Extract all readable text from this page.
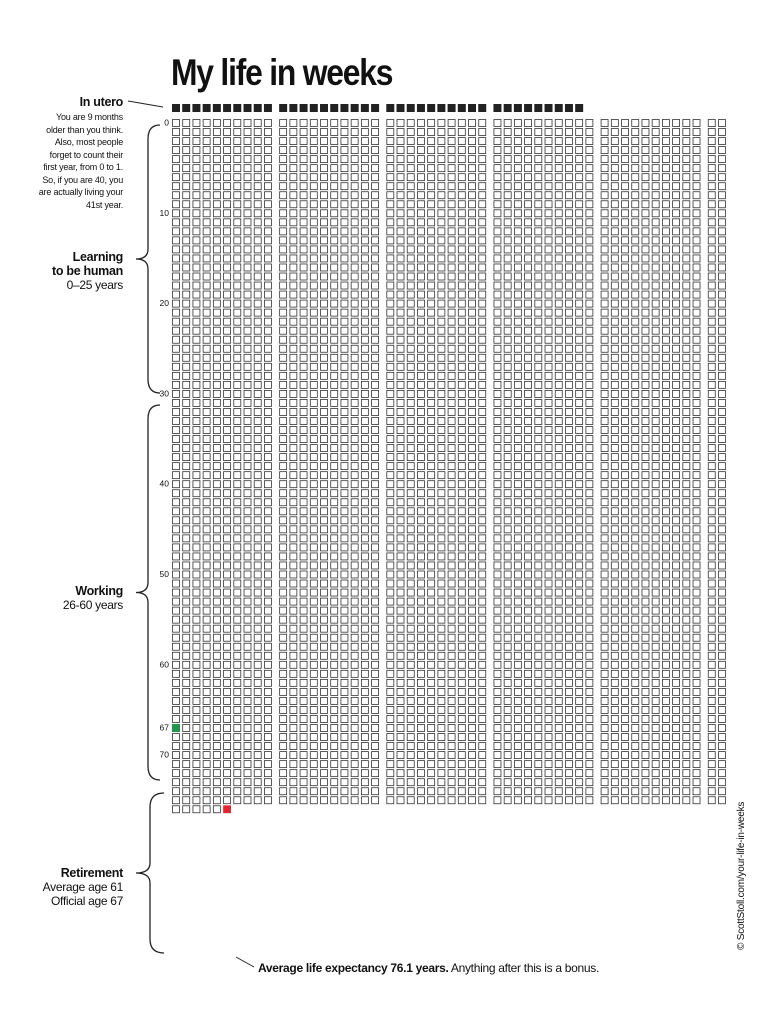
My life in weeks
0
10
20
30
40
50
60
67
70
In utero
You are 9 months
older than you think.
Also, most people
forget to count their
first year, from 0 to 1.
So, if you are 40, you
are actually living your
41st year.
Learning
to be human
0–25 years
Working
26-60 years
Retirement
Average age 61
Official age 67
Average life expectancy 76.1 years. Anything after this is a bonus.
© ScottStoll.com/your-life-in-weeks
